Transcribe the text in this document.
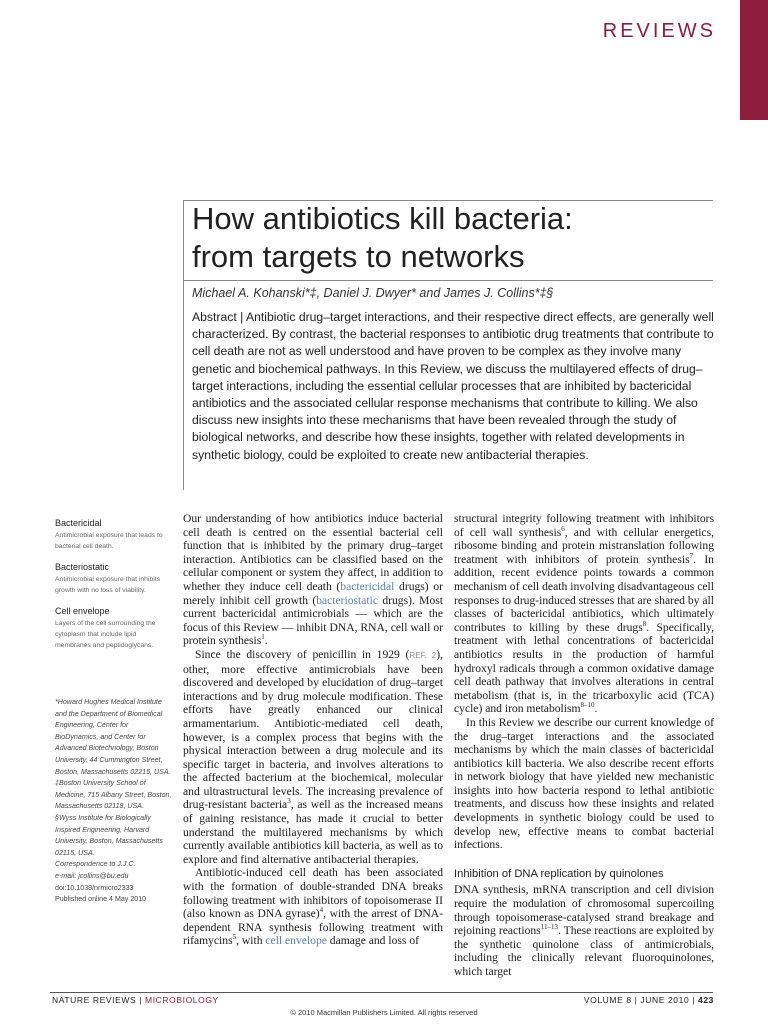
REVIEWS
How antibiotics kill bacteria:
from targets to networks
Michael A. Kohanski*‡, Daniel J. Dwyer* and James J. Collins*‡§
Abstract | Antibiotic drug–target interactions, and their respective direct effects, are generally well characterized. By contrast, the bacterial responses to antibiotic drug treatments that contribute to cell death are not as well understood and have proven to be complex as they involve many genetic and biochemical pathways. In this Review, we discuss the multilayered effects of drug–target interactions, including the essential cellular processes that are inhibited by bactericidal antibiotics and the associated cellular response mechanisms that contribute to killing. We also discuss new insights into these mechanisms that have been revealed through the study of biological networks, and describe how these insights, together with related developments in synthetic biology, could be exploited to create new antibacterial therapies.

Bactericidal

Antimicrobial exposure that leads to bacterial cell death.

Bacteriostatic

Antimicrobial exposure that inhibits growth with no loss of viability.

Cell envelope

Layers of the cell surrounding the cytoplasm that include lipid membranes and peptidoglycans.

*Howard Hughes Medical Institute and the Department of Biomedical Engineering, Center for BioDynamics, and Center for Advanced Biotechnology, Boston University, 44 Cummington Street, Boston, Massachusetts 02215, USA.
‡Boston University School of Medicine, 715 Albany Street, Boston, Massachusetts 02118, USA.
§Wyss Institute for Biologically Inspired Engineering, Harvard University, Boston, Massachusetts 02115, USA.
Correspondence to J.J.C.
e-mail: jcollins@bu.edu
doi:10.1038/nrmicro2333
Published online 4 May 2010

Our understanding of how antibiotics induce bacterial cell death is centred on the essential bacterial cell function that is inhibited by the primary drug–target interaction. Antibiotics can be classified based on the cellular component or system they affect, in addition to whether they induce cell death (bactericidal drugs) or merely inhibit cell growth (bacteriostatic drugs). Most current bactericidal antimicrobials — which are the focus of this Review — inhibit DNA, RNA, cell wall or protein synthesis$^1$.

Since the discovery of penicillin in 1929 (REF. 2), other, more effective antimicrobials have been discovered and developed by elucidation of drug–target interactions and by drug molecule modification. These efforts have greatly enhanced our clinical armamentarium. Antibiotic-mediated cell death, however, is a complex process that begins with the physical interaction between a drug molecule and its specific target in bacteria, and involves alterations to the affected bacterium at the biochemical, molecular and ultrastructural levels. The increasing prevalence of drug-resistant bacteria$^3$, as well as the increased means of gaining resistance, has made it crucial to better understand the multilayered mechanisms by which currently available antibiotics kill bacteria, as well as to explore and find alternative antibacterial therapies.

Antibiotic-induced cell death has been associated with the formation of double-stranded DNA breaks following treatment with inhibitors of topoisomerase II (also known as DNA gyrase)$^4$, with the arrest of DNA-dependent RNA synthesis following treatment with rifamycins$^5$, with cell envelope damage and loss of

structural integrity following treatment with inhibitors of cell wall synthesis$^6$, and with cellular energetics, ribosome binding and protein mistranslation following treatment with inhibitors of protein synthesis$^7$. In addition, recent evidence points towards a common mechanism of cell death involving disadvantageous cell responses to drug-induced stresses that are shared by all classes of bactericidal antibiotics, which ultimately contributes to killing by these drugs$^8$. Specifically, treatment with lethal concentrations of bactericidal antibiotics results in the production of harmful hydroxyl radicals through a common oxidative damage cell death pathway that involves alterations in central metabolism (that is, in the tricarboxylic acid (TCA) cycle) and iron metabolism$^{8-10}$.

In this Review we describe our current knowledge of the drug–target interactions and the associated mechanisms by which the main classes of bactericidal antibiotics kill bacteria. We also describe recent efforts in network biology that have yielded new mechanistic insights into how bacteria respond to lethal antibiotic treatments, and discuss how these insights and related developments in synthetic biology could be used to develop new, effective means to combat bacterial infections.

Inhibition of DNA replication by quinolones

DNA synthesis, mRNA transcription and cell division require the modulation of chromosomal supercoiling through topoisomerase-catalysed strand breakage and rejoining reactions$^{11-13}$. These reactions are exploited by the synthetic quinolone class of antimicrobials, including the clinically relevant fluoroquinolones, which target

NATURE REVIEWS | MICROBIOLOGY	VOLUME 8 | JUNE 2010 | 423
© 2010 Macmillan Publishers Limited. All rights reserved
